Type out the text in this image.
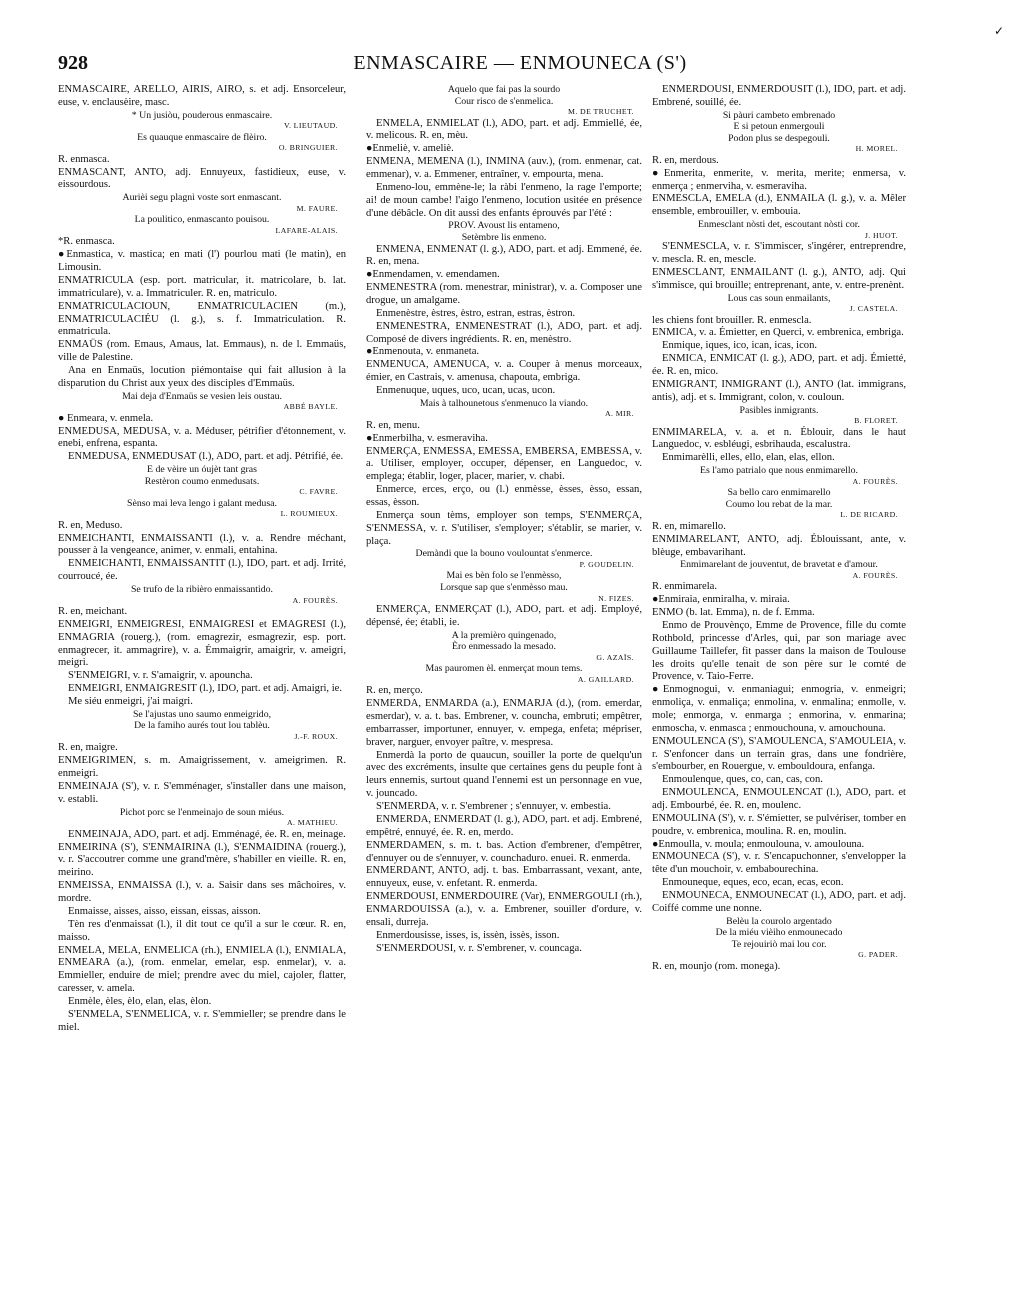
928	ENMASCAIRE — ENMOUNECA (S')
✓
ENMASCAIRE, ARELLO, AIRIS, AIRO, s. et adj. Ensorceleur, euse, v. enclausèire, masc.
* Un jusiòu, pouderous enmascaire.
V. LIEUTAUD.
Es quauque enmascaire de flèiro.
O. BRINGUIER.
R. enmasca.
ENMASCANT, ANTO, adj. Ennuyeux, fastidieux, euse, v. eissourdous.
Aurièi segu plagnì voste sort enmascant.
M. FAURE.
La poulitico, enmascanto pouisou.
LAFARE-ALAIS.
*R. enmasca.
●Enmastica, v. mastica; en mati (l') pourlou mati (le matin), en Limousin.
ENMATRICULA (esp. port. matricular, it. matricolare, b. lat. immatriculare), v. a. Immatriculer. R. en, matriculo.
ENMATRICULACIOUN, ENMATRICULACIEN (m.), ENMATRICULACIÉU (l. g.), s. f. Immatriculation. R. enmatricula.
ENMAÜS (rom. Emaus, Amaus, lat. Emmaus), n. de l. Emmaüs, ville de Palestine.
Ana en Enmaüs, locution piémontaise qui fait allusion à la disparution du Christ aux yeux des disciples d'Emmaüs.
Mai deja d'Enmaüs se vesien leis oustau.
ABBÉ BAYLE.
● Enmeara, v. enmela.
ENMEDUSA, MEDUSA, v. a. Méduser, pétrifier d'étonnement, v. enebi, enfrena, espanta.
ENMEDUSA, ENMEDUSAT (l.), ADO, part. et adj. Pétrifié, ée.
E de vèire un óujèt tant gras
Restèron coumo enmedusats.
C. FAVRE.
Sènso mai leva lengo i galant medusa.
L. ROUMIEUX.
R. en, Meduso.
ENMEICHANTI, ENMAISSANTI (l.), v. a. Rendre méchant, pousser à la vengeance, animer, v. enmali, entahina.
ENMEICHANTI, ENMAISSANTIT (l.), IDO, part. et adj. Irrité, courroucé, ée.
Se trufo de la ribièro enmaissantido.
A. FOURÈS.
R. en, meichant.
ENMEIGRI, ENMEIGRESI, ENMAIGRESI et EMAGRESI (l.), ENMAGRIA (rouerg.), (rom. emagrezir, esmagrezir, esp. port. enmagrecer, it. ammagrire), v. a. Émmaigrir, amaigrir, v. ameigri, meigri.
S'ENMEIGRI, v. r. S'amaigrir, v. apouncha.
ENMEIGRI, ENMAIGRESIT (l.), IDO, part. et adj. Amaigri, ie.
Me siéu enmeigri, j'ai maigri.
Se l'ajustas uno saumo enmeigrido,
De la famiho aurés tout lou tablèu.
J.-F. ROUX.
R. en, maigre.
ENMEIGRIMEN, s. m. Amaigrissement, v. ameigrimen. R. enmeigri.
ENMEINAJA (S'), v. r. S'emménager, s'installer dans une maison, v. establi.
Pichot porc se l'enmeinajo de soun miéus.
A. MATHIEU.
ENMEINAJA, ADO, part. et adj. Emménagé, ée. R. en, meinage.
ENMEIRINA (S'), S'ENMAIRINA (l.), S'ENMAIDINA (rouerg.), v. r. S'accoutrer comme une grand'mère, s'habiller en vieille. R. en, meirino.
ENMEISSA, ENMAISSA (l.), v. a. Saisir dans ses mâchoires, v. mordre.
Enmaisse, aisses, aisso, eissan, eissas, aisson.
Tèn res d'enmaissat (l.), il dit tout ce qu'il a sur le cœur. R. en, maisso.
ENMELA, MELA, ENMELICA (rh.), ENMIELA (l.), ENMIALA, ENMEARA (a.), (rom. enmelar, emelar, esp. enmelar), v. a. Emmieller, enduire de miel; prendre avec du miel, cajoler, flatter, caresser, v. amela.
Enmèle, èles, èlo, elan, elas, èlon.
S'ENMELA, S'ENMELICA, v. r. S'emmieller; se prendre dans le miel.
Aquelo que fai pas la sourdo
Cour risco de s'enmelica.
M. DE TRUCHET.
ENMELA, ENMIELAT (l.), ADO, part. et adj. Emmiellé, ée, v. melicous. R. en, mèu.
●Enmeliè, v. ameliè.
ENMENA, MEMENA (l.), INMINA (auv.), (rom. enmenar, cat. emmenar), v. a. Emmener, entraîner, v. empourta, mena.
Enmeno-lou, emmène-le; la ràbi l'enmeno, la rage l'emporte; ai! de moun cambe! l'aigo l'enmeno, locution usitée en présence d'une débâcle. On dit aussi des enfants éprouvés par l'été :
PROV. Avoust lis entameno,
Setèmbre lis enmeno.
ENMENA, ENMENAT (l. g.), ADO, part. et adj. Emmené, ée. R. en, mena.
●Enmendamen, v. emendamen.
ENMENESTRA (rom. menestrar, ministrar), v. a. Composer une drogue, un amalgame.
Enmenèstre, èstres, èstro, estran, estras, èstron.
ENMENESTRA, ENMENESTRAT (l.), ADO, part. et adj. Composé de divers ingrédients. R. en, menèstro.
●Enmenouta, v. enmaneta.
ENMENUCA, AMENUCA, v. a. Couper à menus morceaux, émier, en Castrais, v. amenusa, chapouta, embriga.
Enmenuque, uques, uco, ucan, ucas, ucon.
Mais à talhounetous s'enmenuco la viando.
A. MIR.
R. en, menu.
●Enmerbilha, v. esmeraviha.
ENMERÇA, ENMESSA, EMESSA, EMBERSA, EMBESSA, v. a. Utiliser, employer, occuper, dépenser, en Languedoc, v. emplega; établir, loger, placer, marier, v. chabi.
Enmerce, erces, erço, ou (l.) enmèsse, èsses, èsso, essan, essas, èsson.
Enmerça soun tèms, employer son temps, S'ENMERÇA, S'ENMESSA, v. r. S'utiliser, s'employer; s'établir, se marier, v. plaça.
Demàndi que la bouno voulountat s'enmerce.
P. GOUDELIN.
Mai es bèn folo se l'enmèsso,
Lorsque sap que s'enmèsso mau.
N. FIZES.
ENMERÇA, ENMERÇAT (l.), ADO, part. et adj. Employé, dépensé, ée; établi, ie.
A la premièro quingenado,
Èro enmessado la mesado.
G. AZAÏS.
Mas pauromen èl. enmerçat moun tems.
A. GAILLARD.
R. en, merço.
ENMERDA, ENMARDA (a.), ENMARJA (d.), (rom. emerdar, esmerdar), v. a. t. bas. Embrener, v. councha, embruti; empêtrer, embarrasser, importuner, ennuyer, v. empega, enfeta; mépriser, braver, narguer, envoyer paître, v. mespresa.
Enmerdà la porto de quaucun, souiller la porte de quelqu'un avec des excréments, insulte que certaines gens du peuple font à leurs ennemis, surtout quand l'ennemi est un personnage en vue, v. jouncado.
S'ENMERDA, v. r. S'embrener ; s'ennuyer, v. embestia.
ENMERDA, ENMERDAT (l. g.), ADO, part. et adj. Embrené, empêtré, ennuyé, ée. R. en, merdo.
ENMERDAMEN, s. m. t. bas. Action d'embrener, d'empêtrer, d'ennuyer ou de s'ennuyer, v. counchaduro. enuei. R. enmerda.
ENMERDANT, ANTO, adj. t. bas. Embarrassant, vexant, ante, ennuyeux, euse, v. enfetant. R. enmerda.
ENMERDOUSI, ENMERDOUIRE (Var), ENMERGOULI (rh.), ENMARDOUISSA (a.), v. a. Embrener, souiller d'ordure, v. ensali, durreja.
Enmerdousisse, isses, is, issèn, issès, isson.
S'ENMERDOUSI, v. r. S'embrener, v. councaga.
ENMERDOUSI, ENMERDOUSIT (l.), IDO, part. et adj. Embrené, souillé, ée.
Si pàuri cambeto embrenado
E si petoun enmergouli
Podon plus se despegouli.
H. MOREL.
R. en, merdous.
●Enmerita, enmerite, v. merita, merite; enmersa, v. enmerça ; enmerviha, v. esmeraviha.
ENMESCLA, EMELA (d.), ENMAILA (l. g.), v. a. Mêler ensemble, embrouiller, v. embouia.
Enmesclant nòsti det, escoutant nòsti cor.
J. HUOT.
S'ENMESCLA, v. r. S'immiscer, s'ingérer, entreprendre, v. mescla. R. en, mescle.
ENMESCLANT, ENMAILANT (l. g.), ANTO, adj. Qui s'immisce, qui brouille; entreprenant, ante, v. entre-prenènt.
Lous cas soun enmailants,
J. CASTELA.
les chiens font brouiller. R. enmescla.
ENMICA, v. a. Émietter, en Querci, v. embrenica, embriga.
Enmique, iques, ico, ican, icas, icon.
ENMICA, ENMICAT (l. g.), ADO, part. et adj. Émietté, ée. R. en, mico.
ENMIGRANT, INMIGRANT (l.), ANTO (lat. immigrans, antis), adj. et s. Immigrant, colon, v. couloun.
Pasibles inmigrants.
B. FLORET.
ENMIMARELA, v. a. et n. Éblouir, dans le haut Languedoc, v. esbléugi, esbrihauda, escalustra.
Enmimarèlli, elles, ello, elan, elas, ellon.
Es l'amo patrialo que nous enmimarello.
A. FOURÈS.
Sa bello caro enmimarello
Coumo lou rebat de la mar.
L. DE RICARD.
R. en, mimarello.
ENMIMARELANT, ANTO, adj. Éblouissant, ante, v. blèuge, embavarihant.
Enmimarelant de jouventut, de bravetat e d'amour.
A. FOURÈS.
R. enmimarela.
●Enmiraia, enmiralha, v. miraia.
ENMO (b. lat. Emma), n. de f. Emma.
Enmo de Prouvènço, Emme de Provence, fille du comte Rothbold, princesse d'Arles, qui, par son mariage avec Guillaume Taillefer, fit passer dans la maison de Toulouse les droits qu'elle tenait de son père sur le comté de Provence, v. Taio-Ferre.
●Enmognogui, v. enmaniagui; enmogria, v. enmeigri; enmoliça, v. enmaliça; enmolina, v. enmalina; enmolle, v. mole; enmorga, v. enmarga ; enmorina, v. enmarina; enmoscha, v. enmasca ; enmouchouna, v. amouchouna.
ENMOULENCA (S'), S'AMOULENCA, S'AMOULEIA, v. r. S'enfoncer dans un terrain gras, dans une fondrière, s'embourber, en Rouergue, v. embouldoura, enfanga.
Enmoulenque, ques, co, can, cas, con.
ENMOULENCA, ENMOULENCAT (l.), ADO, part. et adj. Embourbé, ée. R. en, moulenc.
ENMOULINA (S'), v. r. S'émietter, se pulvériser, tomber en poudre, v. embrenica, moulina. R. en, moulin.
●Enmoulla, v. moula; enmoulouna, v. amoulouna.
ENMOUNECA (S'), v. r. S'encapuchonner, s'envelopper la tête d'un mouchoir, v. embabourechina.
Enmouneque, eques, eco, ecan, ecas, econ.
ENMOUNECA, ENMOUNECAT (l.), ADO, part. et adj. Coiffé comme une nonne.
Belèu la courolo argentado
De la miéu vièiho enmounecado
Te rejouiriò mai lou cor.
G. PADER.
R. en, mounjo (rom. monega).
